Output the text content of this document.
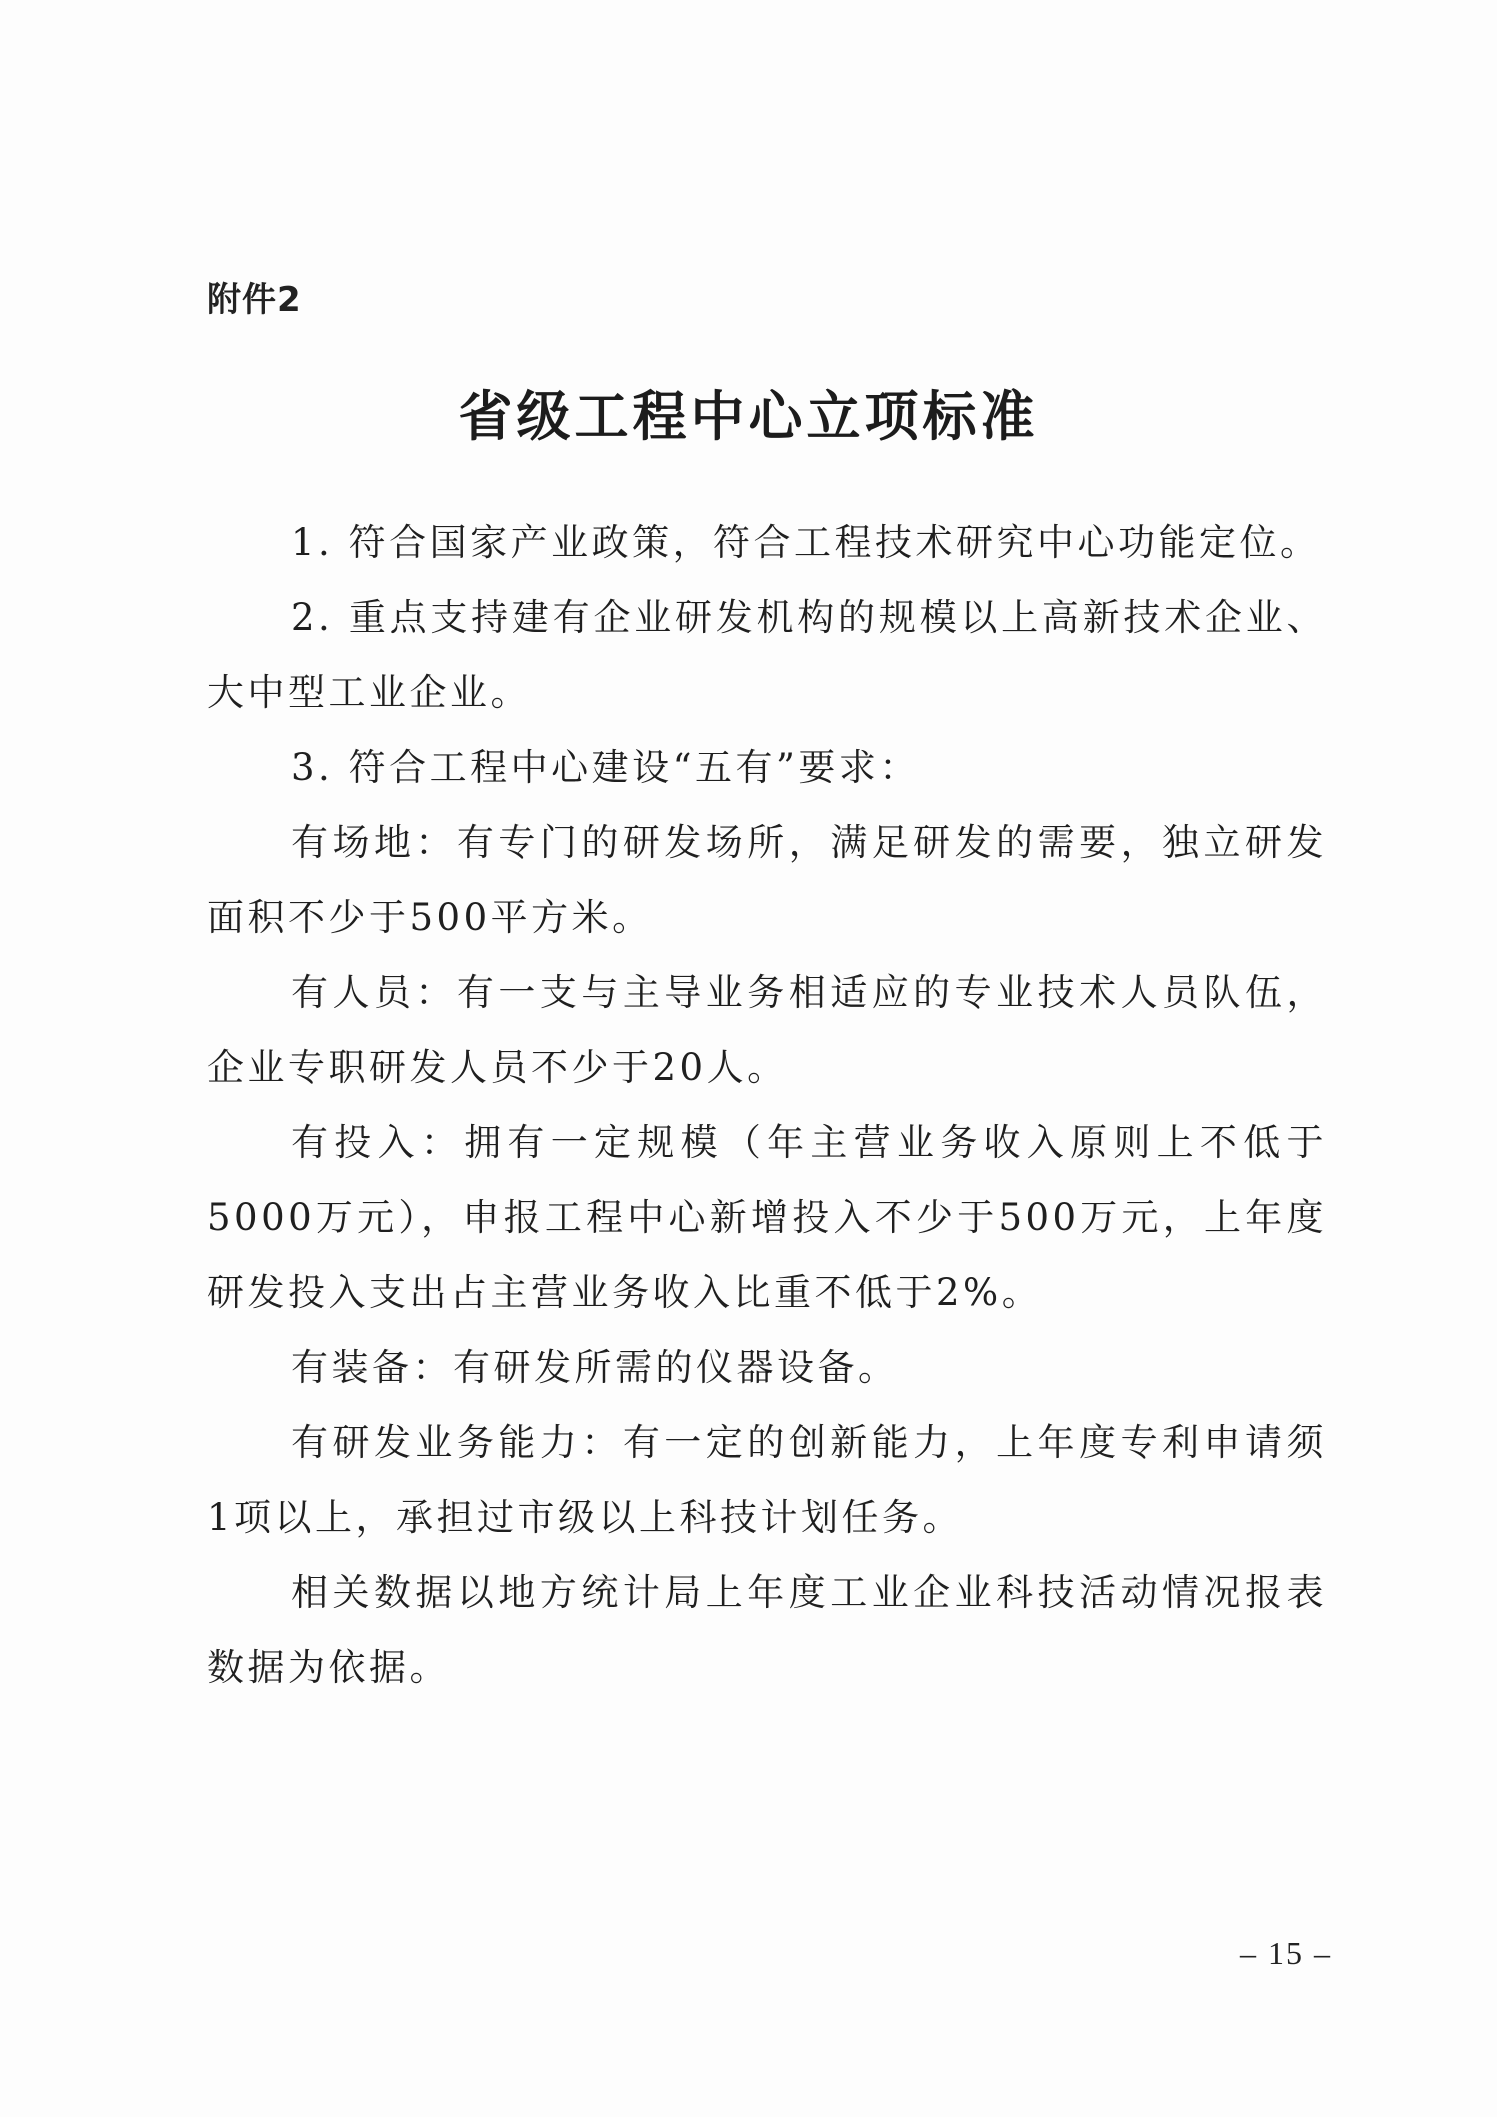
附件2
省级工程中心立项标准

1. 符合国家产业政策，符合工程技术研究中心功能定位。

2. 重点支持建有企业研发机构的规模以上高新技术企业、大中型工业企业。

3. 符合工程中心建设“五有”要求：

有场地：有专门的研发场所，满足研发的需要，独立研发面积不少于500平方米。

有人员：有一支与主导业务相适应的专业技术人员队伍，企业专职研发人员不少于20人。

有投入：拥有一定规模（年主营业务收入原则上不低于5000万元），申报工程中心新增投入不少于500万元，上年度研发投入支出占主营业务收入比重不低于2%。

有装备：有研发所需的仪器设备。

有研发业务能力：有一定的创新能力，上年度专利申请须1项以上，承担过市级以上科技计划任务。

相关数据以地方统计局上年度工业企业科技活动情况报表数据为依据。

– 15 –
